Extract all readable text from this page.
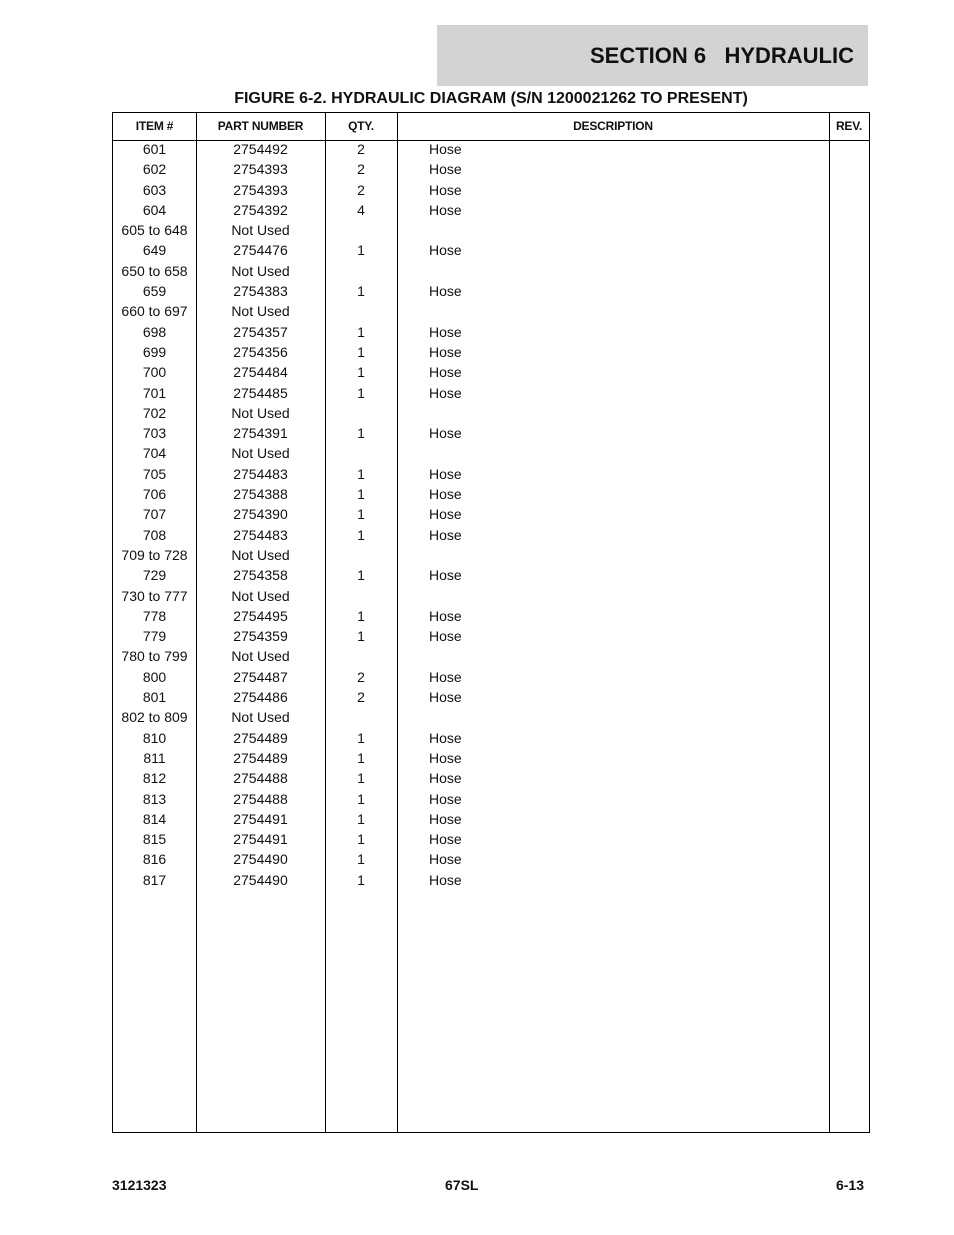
SECTION 6   HYDRAULIC
FIGURE 6-2. HYDRAULIC DIAGRAM (S/N 1200021262 TO PRESENT)
ITEM #	PART NUMBER	QTY.	DESCRIPTION	REV.
601	2754492	2	Hose
602	2754393	2	Hose
603	2754393	2	Hose
604	2754392	4	Hose
605 to 648	Not Used
649	2754476	1	Hose
650 to 658	Not Used
659	2754383	1	Hose
660 to 697	Not Used
698	2754357	1	Hose
699	2754356	1	Hose
700	2754484	1	Hose
701	2754485	1	Hose
702	Not Used
703	2754391	1	Hose
704	Not Used
705	2754483	1	Hose
706	2754388	1	Hose
707	2754390	1	Hose
708	2754483	1	Hose
709 to 728	Not Used
729	2754358	1	Hose
730 to 777	Not Used
778	2754495	1	Hose
779	2754359	1	Hose
780 to 799	Not Used
800	2754487	2	Hose
801	2754486	2	Hose
802 to 809	Not Used
810	2754489	1	Hose
811	2754489	1	Hose
812	2754488	1	Hose
813	2754488	1	Hose
814	2754491	1	Hose
815	2754491	1	Hose
816	2754490	1	Hose
817	2754490	1	Hose
3121323	67SL	6-13
